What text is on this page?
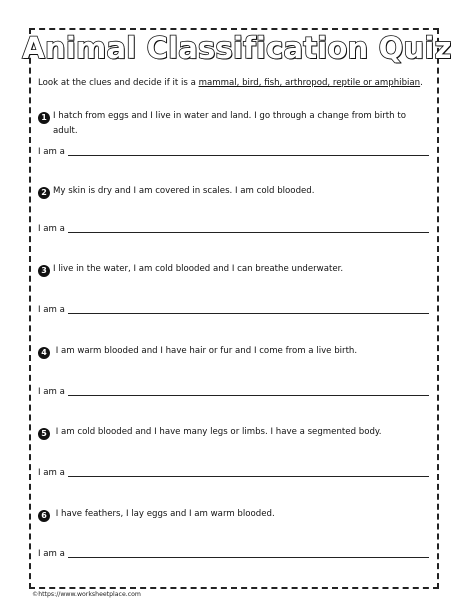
Animal Classification Quiz
Look at the clues and decide if it is a mammal, bird, fish, arthropod, reptile or amphibian.
1 I hatch from eggs and I live in water and land. I go through a change from birth to
adult.
I am a
2 My skin is dry and I am covered in scales. I am cold blooded.
I am a
3 I live in the water, I am cold blooded and I can breathe underwater.
I am a
4 I am warm blooded and I have hair or fur and I come from a live birth.
I am a
5 I am cold blooded and I have many legs or limbs. I have a segmented body.
I am a
6 I have feathers, I lay eggs and I am warm blooded.
I am a
©https://www.worksheetplace.com
